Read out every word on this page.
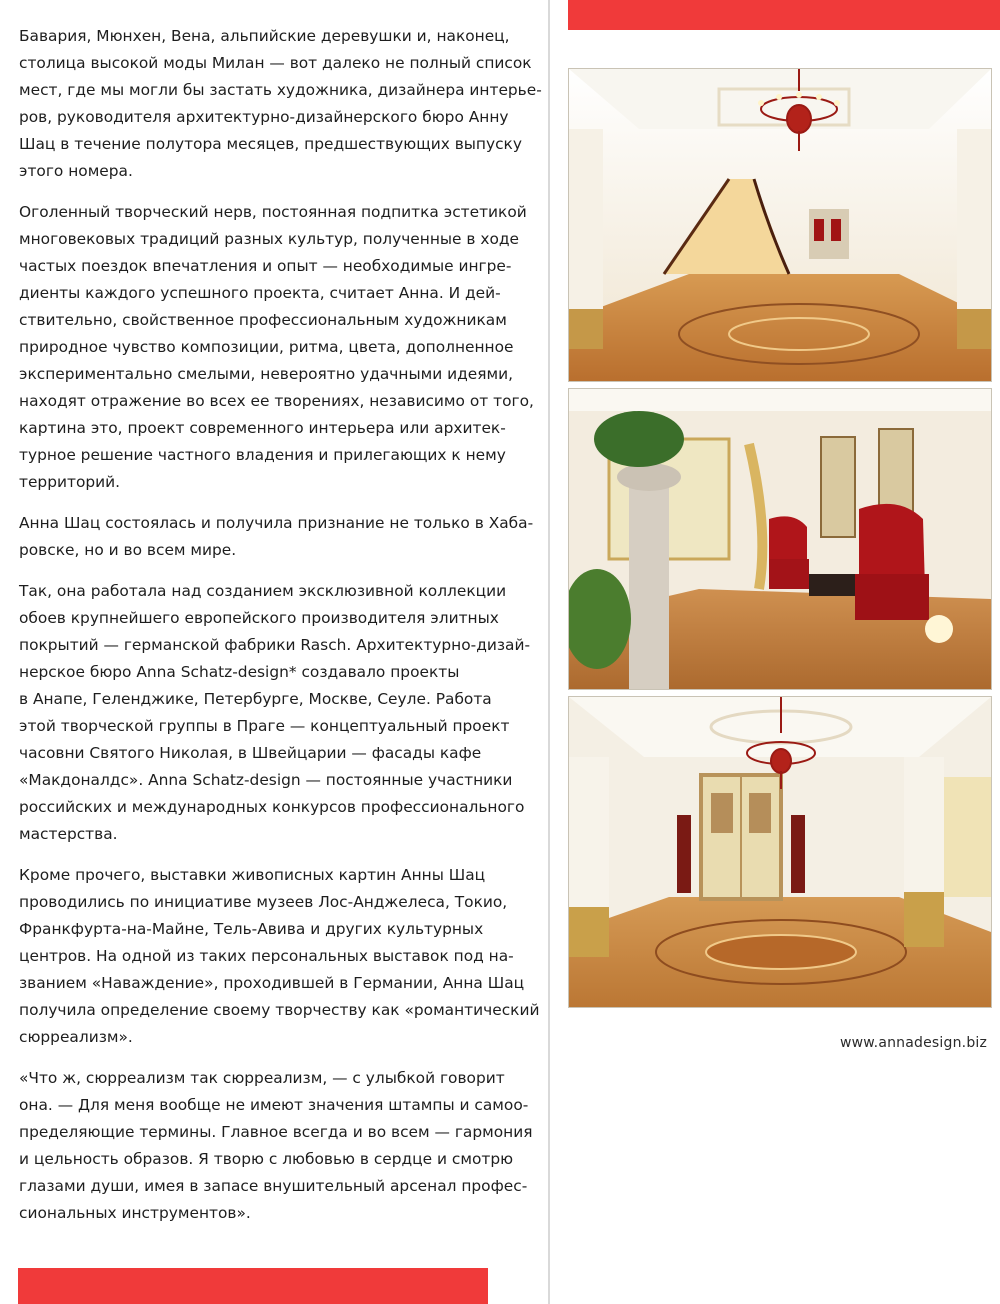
Бавария, Мюнхен, Вена, альпийские деревушки и, наконец,
столица высокой моды Милан — вот далеко не полный список
мест, где мы могли бы застать художника, дизайнера интерье-
ров, руководителя архитектурно-дизайнерского бюро Анну
Шац в течение полутора месяцев, предшествующих выпуску
этого номера.
Оголенный творческий нерв, постоянная подпитка эстетикой
многовековых традиций разных культур, полученные в ходе
частых поездок впечатления и опыт — необходимые ингре-
диенты каждого успешного проекта, считает Анна. И дей-
ствительно, свойственное профессиональным художникам
природное чувство композиции, ритма, цвета, дополненное
экспериментально смелыми, невероятно удачными идеями,
находят отражение во всех ее творениях, независимо от того,
картина это, проект современного интерьера или архитек-
турное решение частного владения и прилегающих к нему
территорий.
Анна Шац состоялась и получила признание не только в Хаба-
ровске, но и во всем мире.
Так, она работала над созданием эксклюзивной коллекции
обоев крупнейшего европейского производителя элитных
покрытий — германской фабрики Rasch. Архитектурно-дизай-
нерское бюро Anna Schatz-design* создавало проекты
в Анапе, Геленджике, Петербурге, Москве, Сеуле. Работа
этой творческой группы в Праге — концептуальный проект
часовни Святого Николая, в Швейцарии — фасады кафе
«Макдоналдс». Anna Schatz-design — постоянные участники
российских и международных конкурсов профессионального
мастерства.
Кроме прочего, выставки живописных картин Анны Шац
проводились по инициативе музеев Лос-Анджелеса, Токио,
Франкфурта-на-Майне, Тель-Авива и других культурных
центров. На одной из таких персональных выставок под на-
званием «Наваждение», проходившей в Германии, Анна Шац
получила определение своему творчеству как «романтический
сюрреализм».
«Что ж, сюрреализм так сюрреализм, — с улыбкой говорит
она. — Для меня вообще не имеют значения штампы и самоо-
пределяющие термины. Главное всегда и во всем — гармония
и цельность образов. Я творю с любовью в сердце и смотрю
глазами души, имея в запасе внушительный арсенал профес-
сиональных инструментов».
www.annadesign.biz
